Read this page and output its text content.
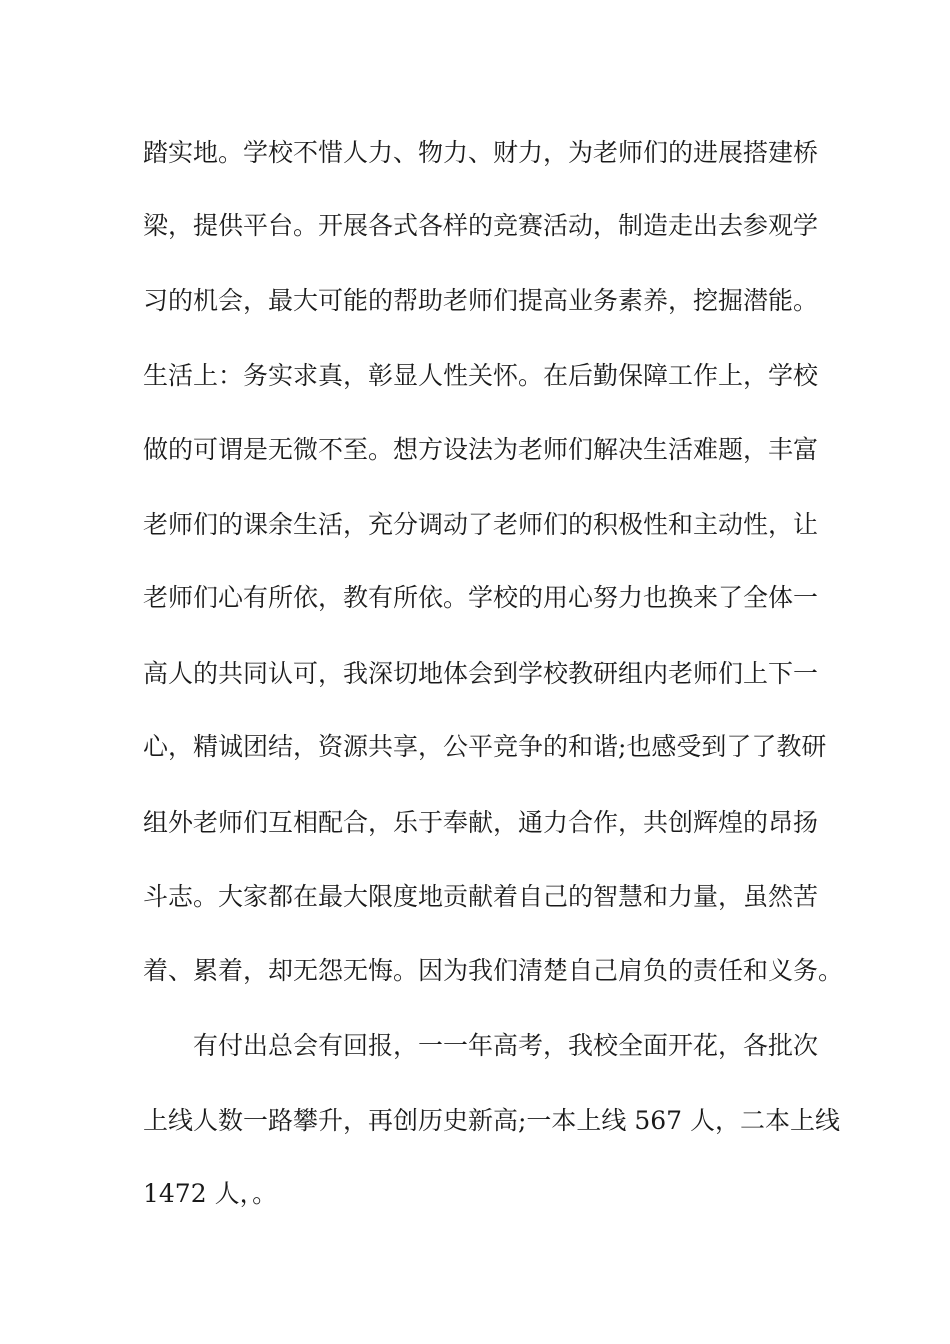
踏实地。学校不惜人力、物力、财力，为老师们的进展搭建桥
梁，提供平台。开展各式各样的竞赛活动，制造走出去参观学
习的机会，最大可能的帮助老师们提高业务素养，挖掘潜能。
生活上：务实求真，彰显人性关怀。在后勤保障工作上，学校
做的可谓是无微不至。想方设法为老师们解决生活难题，丰富
老师们的课余生活，充分调动了老师们的积极性和主动性，让
老师们心有所依，教有所依。学校的用心努力也换来了全体一
高人的共同认可，我深切地体会到学校教研组内老师们上下一
心，精诚团结，资源共享，公平竞争的和谐;也感受到了了教研
组外老师们互相配合，乐于奉献，通力合作，共创辉煌的昂扬
斗志。大家都在最大限度地贡献着自己的智慧和力量，虽然苦
着、累着，却无怨无悔。因为我们清楚自己肩负的责任和义务。
有付出总会有回报，一一年高考，我校全面开花，各批次
上线人数一路攀升，再创历史新高;一本上线 567 人，二本上线
1472 人，。
